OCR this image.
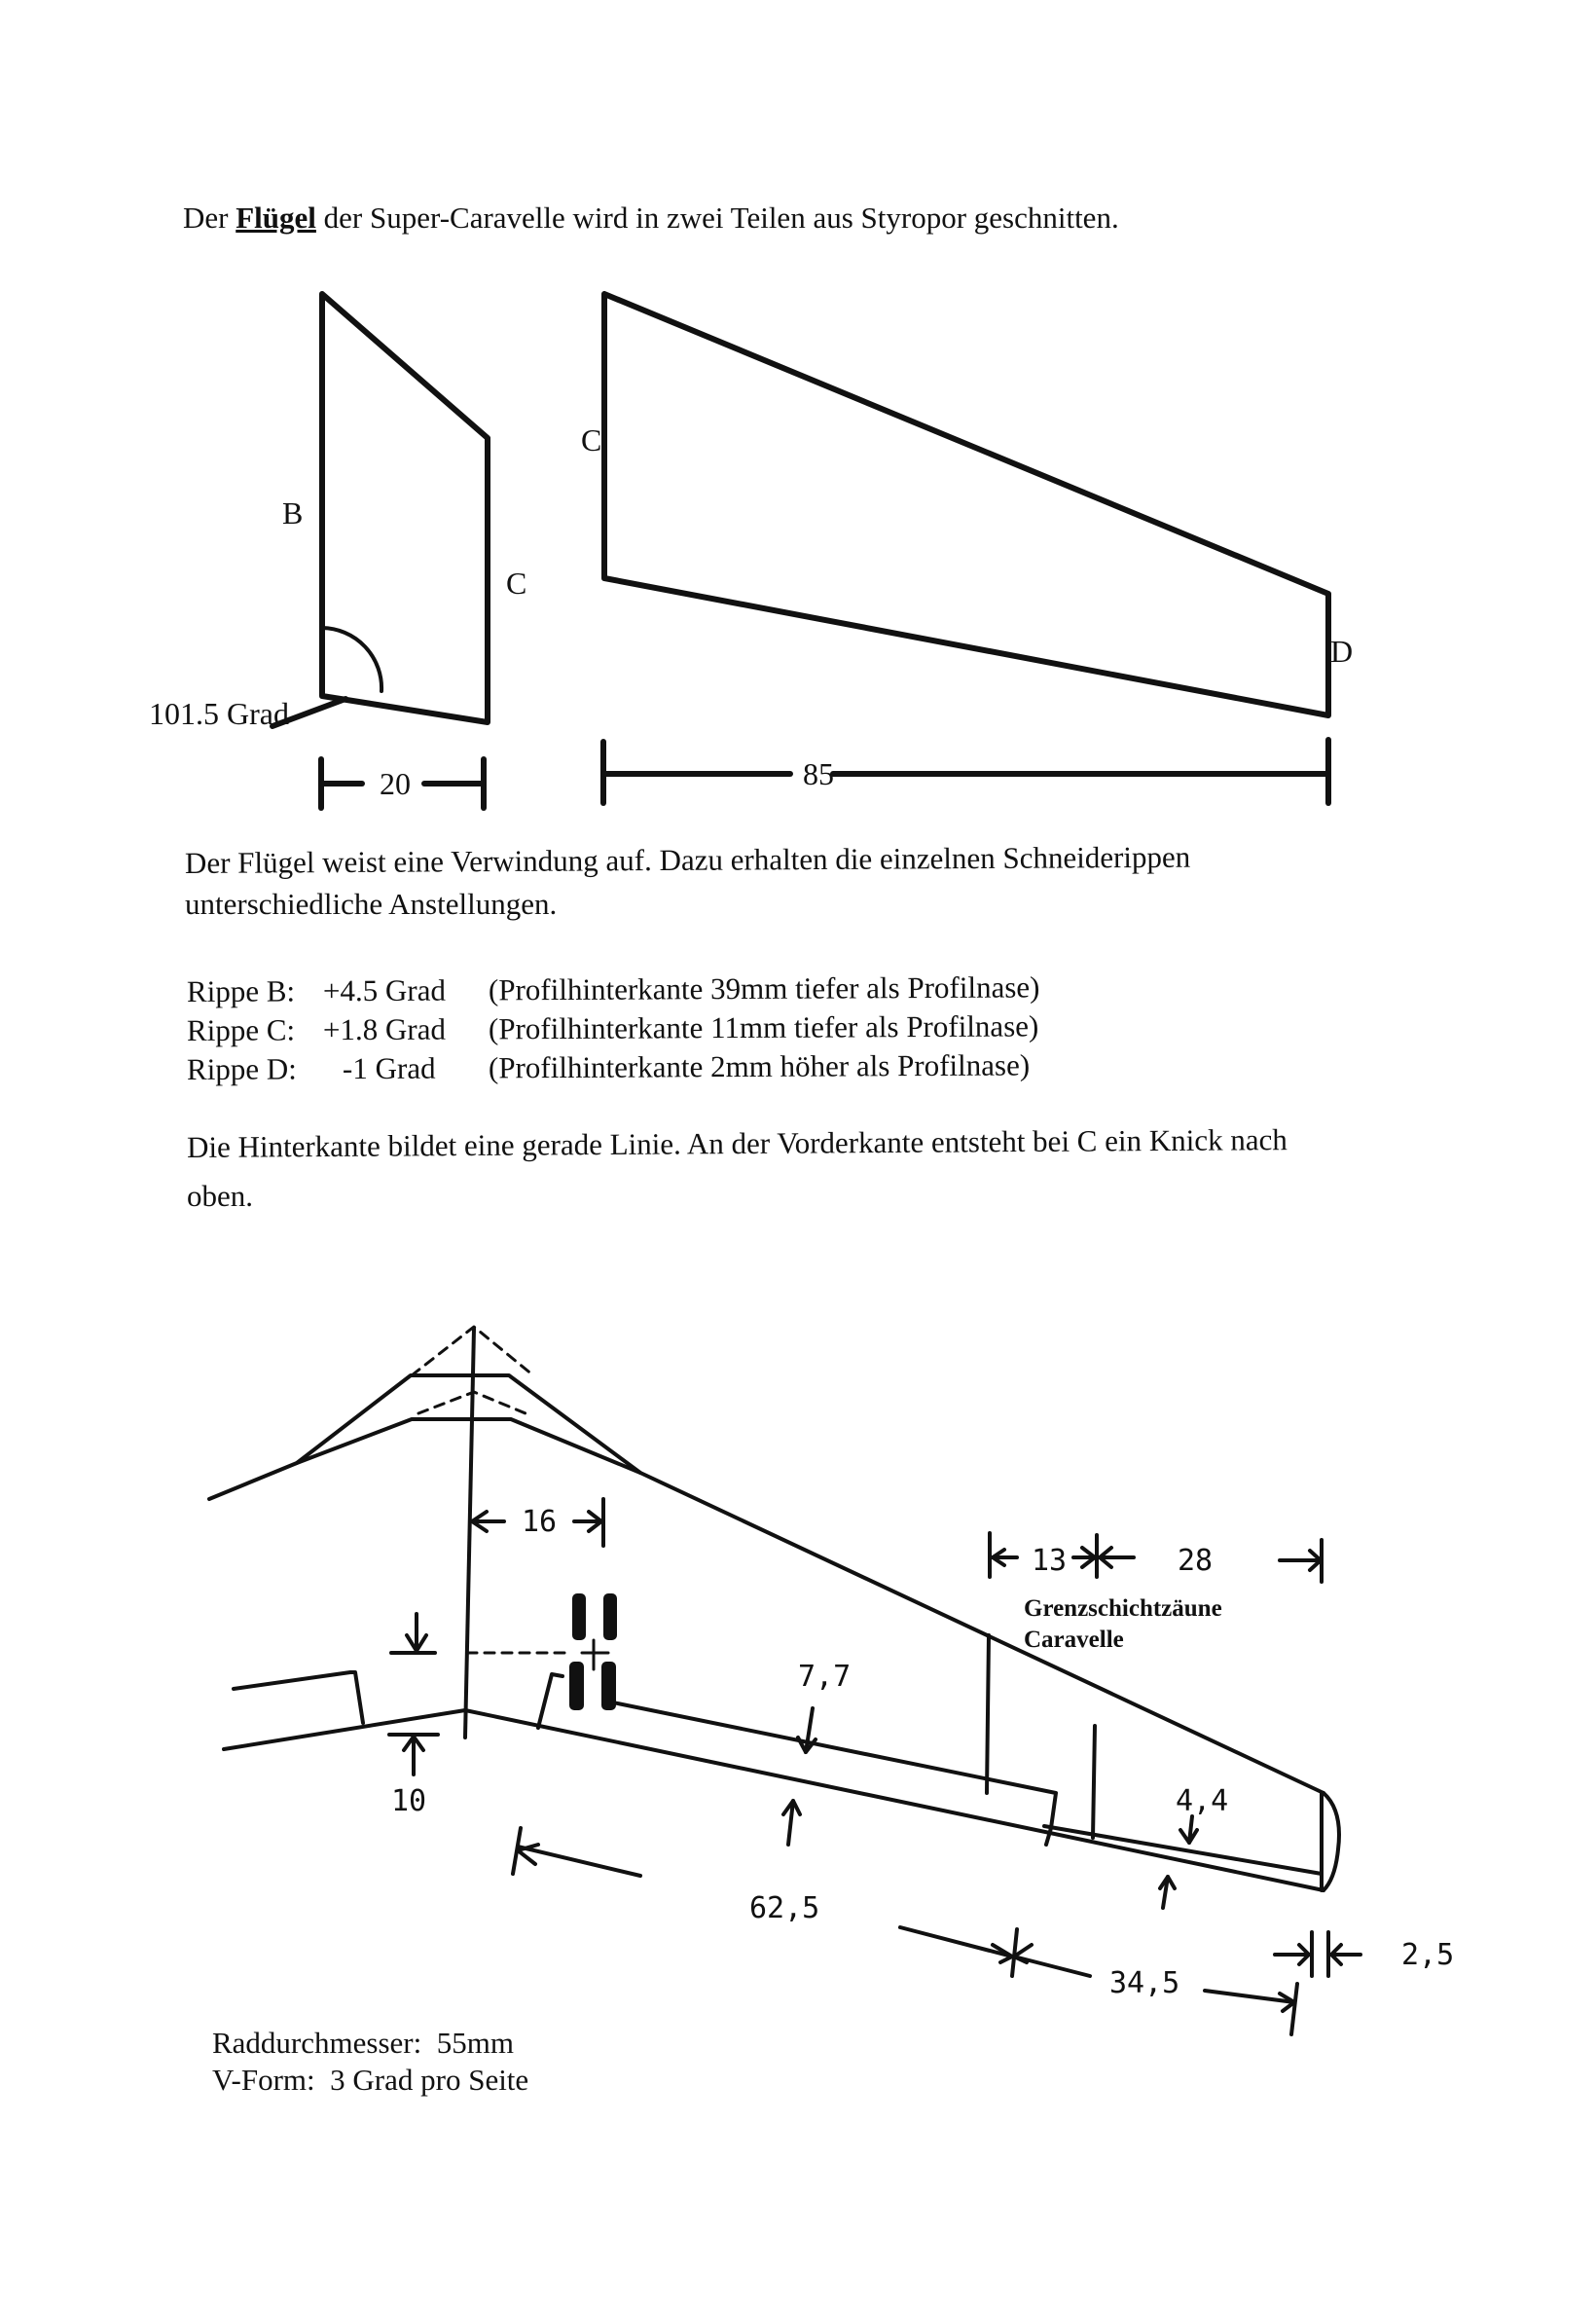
Der Flügel der Super-Caravelle wird in zwei Teilen aus Styropor geschnitten.
B
C
101.5 Grad
20
C
D
85
Der Flügel weist eine Verwindung auf. Dazu erhalten die einzelnen Schneiderippen
unterschiedliche Anstellungen.
Rippe B: +4.5 Grad (Profilhinterkante 39mm tiefer als Profilnase)
Rippe C: +1.8 Grad (Profilhinterkante 11mm tiefer als Profilnase)
Rippe D: -1 Grad (Profilhinterkante 2mm höher als Profilnase)
Die Hinterkante bildet eine gerade Linie. An der Vorderkante entsteht bei C ein Knick nach
oben.
16
10
7,7
62,5
4,4
34,5
2,5
13	28
Grenzschichtzäune
Caravelle
Raddurchmesser:  55mm
V-Form:  3 Grad pro Seite
